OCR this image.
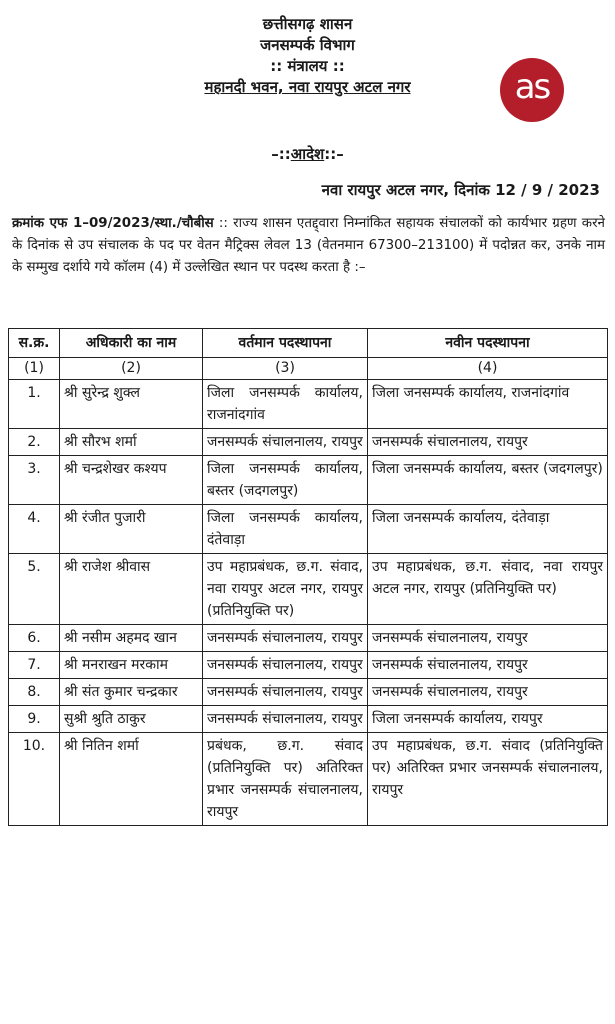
छत्तीसगढ़ शासन
जनसम्पर्क विभाग
:: मंत्रालय ::
महानदी भवन, नवा रायपुर अटल नगर	as
–::आदेश::–
नवा रायपुर अटल नगर, दिनांक 12 / 9 / 2023
क्रमांक एफ 1–09/2023/स्था./चौबीस :: राज्य शासन एतद्द्वारा निम्नांकित सहायक संचालकों को कार्यभार ग्रहण करने के दिनांक से उप संचालक के पद पर वेतन मैट्रिक्स लेवल 13 (वेतनमान 67300–213100) में पदोन्नत कर, उनके नाम के सम्मुख दर्शाये गये कॉलम (4) में उल्लेखित स्थान पर पदस्थ करता है :–
स.क्र.	अधिकारी का नाम	वर्तमान पदस्थापना	नवीन पदस्थापना
(1)	(2)	(3)	(4)
1.	श्री सुरेन्द्र शुक्ल	जिला जनसम्पर्क कार्यालय, राजनांदगांव	जिला जनसम्पर्क कार्यालय, राजनांदगांव
2.	श्री सौरभ शर्मा	जनसम्पर्क संचालनालय, रायपुर	जनसम्पर्क संचालनालय, रायपुर
3.	श्री चन्द्रशेखर कश्यप	जिला जनसम्पर्क कार्यालय, बस्तर (जदगलपुर)	जिला जनसम्पर्क कार्यालय, बस्तर (जदगलपुर)
4.	श्री रंजीत पुजारी	जिला जनसम्पर्क कार्यालय, दंतेवाड़ा	जिला जनसम्पर्क कार्यालय, दंतेवाड़ा
5.	श्री राजेश श्रीवास	उप महाप्रबंधक, छ.ग. संवाद, नवा रायपुर अटल नगर, रायपुर (प्रतिनियुक्ति पर)	उप महाप्रबंधक, छ.ग. संवाद, नवा रायपुर अटल नगर, रायपुर (प्रतिनियुक्ति पर)
6.	श्री नसीम अहमद खान	जनसम्पर्क संचालनालय, रायपुर	जनसम्पर्क संचालनालय, रायपुर
7.	श्री मनराखन मरकाम	जनसम्पर्क संचालनालय, रायपुर	जनसम्पर्क संचालनालय, रायपुर
8.	श्री संत कुमार चन्द्रकार	जनसम्पर्क संचालनालय, रायपुर	जनसम्पर्क संचालनालय, रायपुर
9.	सुश्री श्रुति ठाकुर	जनसम्पर्क संचालनालय, रायपुर	जिला जनसम्पर्क कार्यालय, रायपुर
10.	श्री नितिन शर्मा	प्रबंधक, छ.ग. संवाद (प्रतिनियुक्ति पर) अतिरिक्त प्रभार जनसम्पर्क संचालनालय, रायपुर	उप महाप्रबंधक, छ.ग. संवाद (प्रतिनियुक्ति पर) अतिरिक्त प्रभार जनसम्पर्क संचालनालय, रायपुर
